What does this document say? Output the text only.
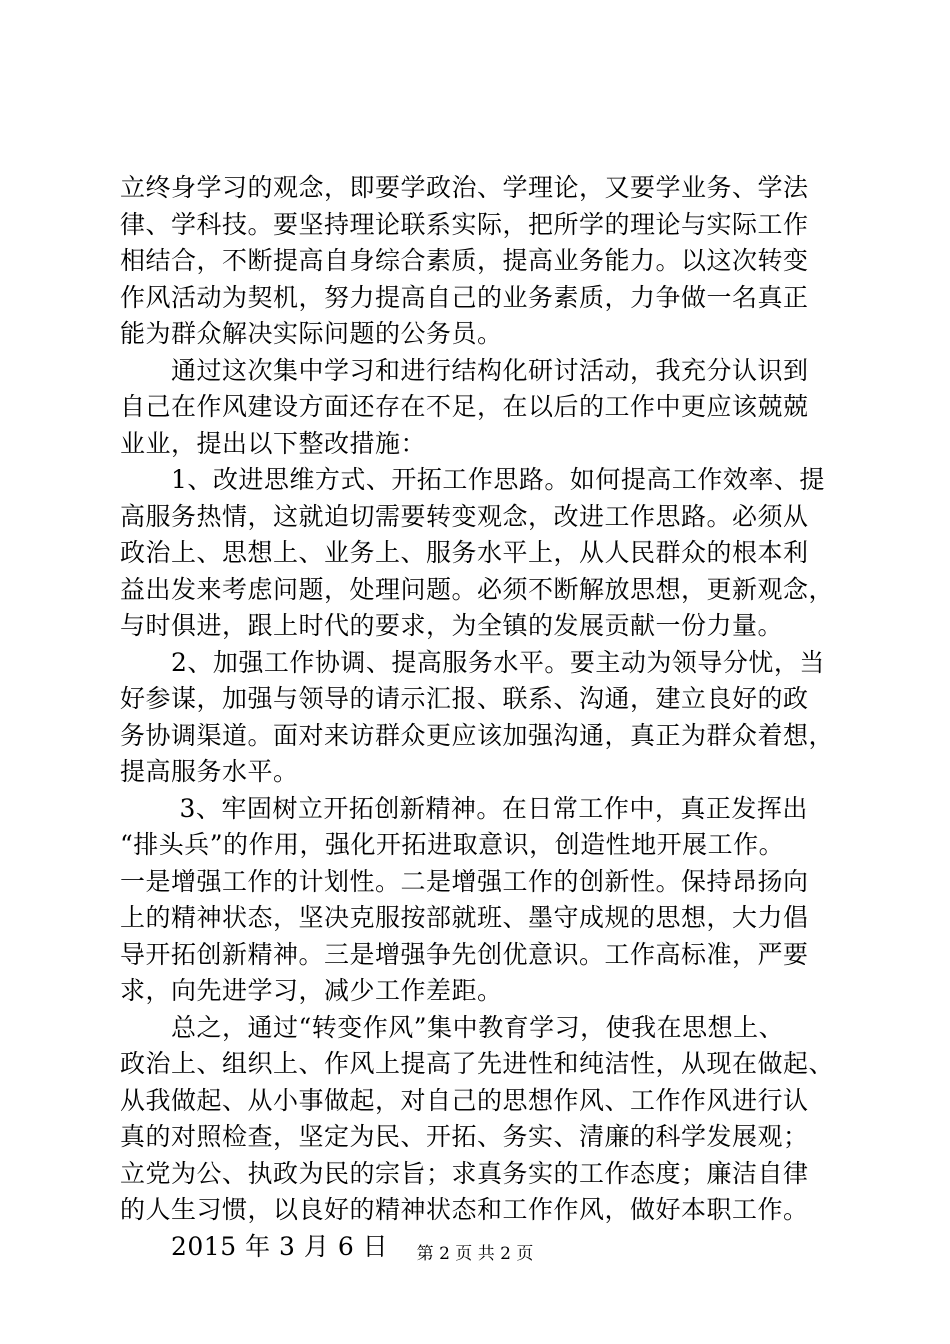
立终身学习的观念，即要学政治、学理论，又要学业务、学法
律、学科技。要坚持理论联系实际，把所学的理论与实际工作
相结合，不断提高自身综合素质，提高业务能力。以这次转变
作风活动为契机，努力提高自己的业务素质，力争做一名真正
能为群众解决实际问题的公务员。
　　通过这次集中学习和进行结构化研讨活动，我充分认识到
自己在作风建设方面还存在不足，在以后的工作中更应该兢兢
业业，提出以下整改措施：
　　1、改进思维方式、开拓工作思路。如何提高工作效率、提
高服务热情，这就迫切需要转变观念，改进工作思路。必须从
政治上、思想上、业务上、服务水平上，从人民群众的根本利
益出发来考虑问题，处理问题。必须不断解放思想，更新观念，
与时俱进，跟上时代的要求，为全镇的发展贡献一份力量。
　　2、加强工作协调、提高服务水平。要主动为领导分忧，当
好参谋，加强与领导的请示汇报、联系、沟通，建立良好的政
务协调渠道。面对来访群众更应该加强沟通，真正为群众着想，
提高服务水平。
　　 3、牢固树立开拓创新精神。在日常工作中，真正发挥出
“排头兵”的作用，强化开拓进取意识，创造性地开展工作。
一是增强工作的计划性。二是增强工作的创新性。保持昂扬向
上的精神状态，坚决克服按部就班、墨守成规的思想，大力倡
导开拓创新精神。三是增强争先创优意识。工作高标准，严要
求，向先进学习，减少工作差距。
　　总之，通过“转变作风”集中教育学习，使我在思想上、
政治上、组织上、作风上提高了先进性和纯洁性，从现在做起、
从我做起、从小事做起，对自己的思想作风、工作作风进行认
真的对照检查，坚定为民、开拓、务实、清廉的科学发展观；
立党为公、执政为民的宗旨；求真务实的工作态度；廉洁自律
的人生习惯，以良好的精神状态和工作作风，做好本职工作。
　　2015 年 3 月 6 日	第 2 页 共 2 页
